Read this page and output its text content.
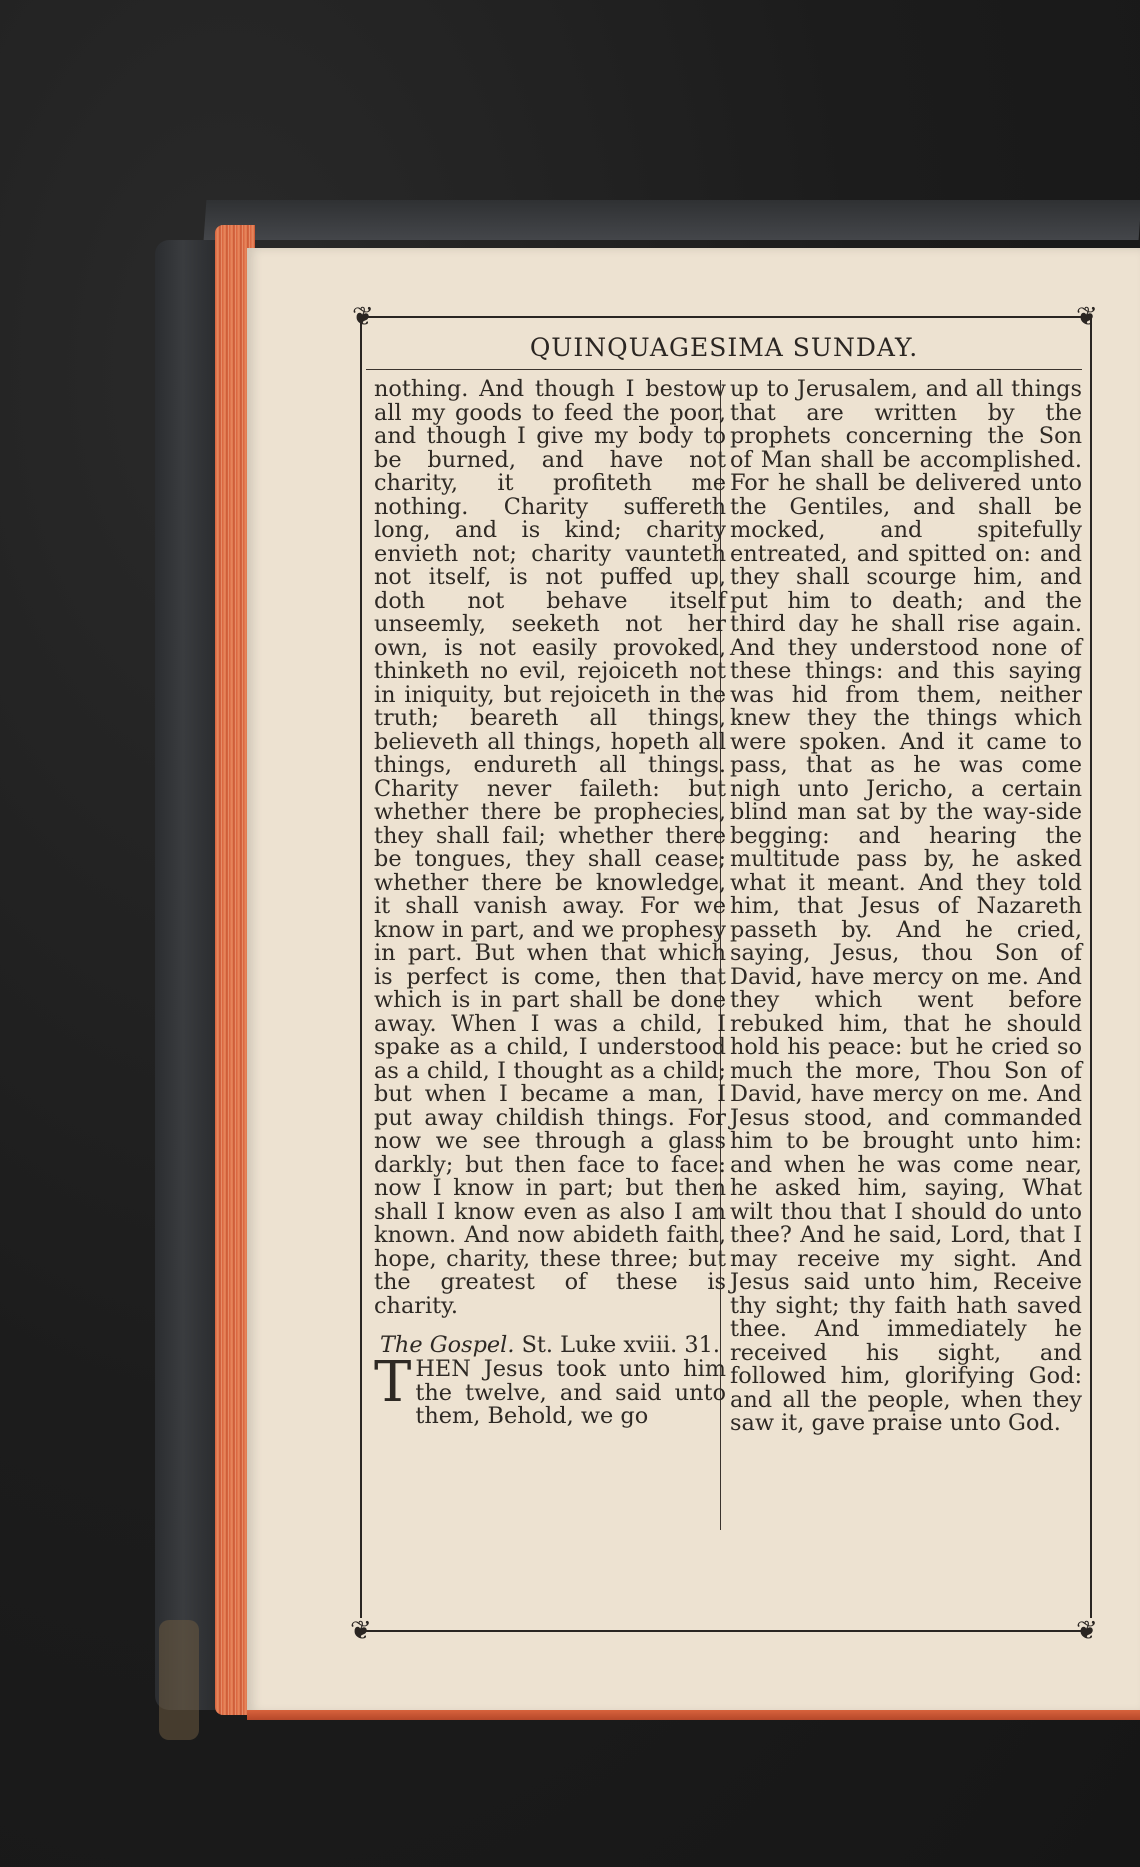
❦	❦
❦	❦
QUINQUAGESIMA SUNDAY.

nothing. And though I bestow all my goods to feed the poor, and though I give my body to be burned, and have not charity, it profiteth me nothing. Charity suffereth long, and is kind; charity envieth not; charity vaunteth not itself, is not puffed up, doth not behave itself unseemly, seeketh not her own, is not easily provoked, thinketh no evil, rejoiceth not in iniquity, but rejoiceth in the truth; beareth all things, believeth all things, hopeth all things, endureth all things. Charity never faileth: but whether there be prophecies, they shall fail; whether there be tongues, they shall cease; whether there be knowledge, it shall vanish away. For we know in part, and we prophesy in part. But when that which is perfect is come, then that which is in part shall be done away. When I was a child, I spake as a child, I understood as a child, I thought as a child; but when I became a man, I put away childish things. For now we see through a glass darkly; but then face to face: now I know in part; but then shall I know even as also I am known. And now abideth faith, hope, charity, these three; but the greatest of these is charity.

The Gospel. St. Luke xviii. 31.

T HEN Jesus took unto him the twelve, and said unto them, Behold, we go

up to Jerusalem, and all things that are written by the prophets concerning the Son of Man shall be accomplished. For he shall be delivered unto the Gentiles, and shall be mocked, and spitefully entreated, and spitted on: and they shall scourge him, and put him to death; and the third day he shall rise again. And they understood none of these things: and this saying was hid from them, neither knew they the things which were spoken. And it came to pass, that as he was come nigh unto Jericho, a certain blind man sat by the way-side begging: and hearing the multitude pass by, he asked what it meant. And they told him, that Jesus of Nazareth passeth by. And he cried, saying, Jesus, thou Son of David, have mercy on me. And they which went before rebuked him, that he should hold his peace: but he cried so much the more, Thou Son of David, have mercy on me. And Jesus stood, and commanded him to be brought unto him: and when he was come near, he asked him, saying, What wilt thou that I should do unto thee? And he said, Lord, that I may receive my sight. And Jesus said unto him, Receive thy sight; thy faith hath saved thee. And immediately he received his sight, and followed him, glorifying God: and all the people, when they saw it, gave praise unto God.
